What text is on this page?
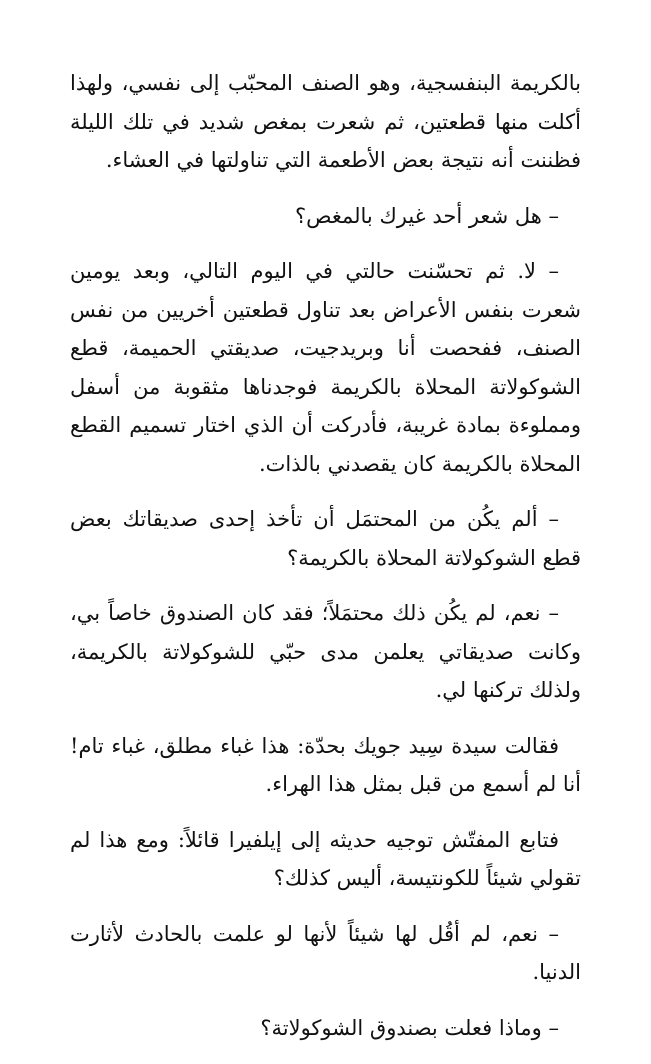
بالكريمة البنفسجية، وهو الصنف المحبّب إلى نفسي، ولهذا أكلت منها قطعتين، ثم شعرت بمغص شديد في تلك الليلة فظننت أنه نتيجة بعض الأطعمة التي تناولتها في العشاء.

– هل شعر أحد غيرك بالمغص؟

– لا. ثم تحسّنت حالتي في اليوم التالي، وبعد يومين شعرت بنفس الأعراض بعد تناول قطعتين أخريين من نفس الصنف، ففحصت أنا وبريدجيت، صديقتي الحميمة، قطع الشوكولاتة المحلاة بالكريمة فوجدناها مثقوبة من أسفل ومملوءة بمادة غريبة، فأدركت أن الذي اختار تسميم القطع المحلاة بالكريمة كان يقصدني بالذات.

– ألم يكُن من المحتمَل أن تأخذ إحدى صديقاتك بعض قطع الشوكولاتة المحلاة بالكريمة؟

– نعم، لم يكُن ذلك محتمَلاً؛ فقد كان الصندوق خاصاً بي، وكانت صديقاتي يعلمن مدى حبّي للشوكولاتة بالكريمة، ولذلك تركنها لي.

فقالت سيدة سِيد جويك بحدّة: هذا غباء مطلق، غباء تام! أنا لم أسمع من قبل بمثل هذا الهراء.

فتابع المفتّش توجيه حديثه إلى إيلفيرا قائلاً: ومع هذا لم تقولي شيئاً للكونتيسة، أليس كذلك؟

– نعم، لم أقُل لها شيئاً لأنها لو علمت بالحادث لأثارت الدنيا.

– وماذا فعلت بصندوق الشوكولاتة؟
